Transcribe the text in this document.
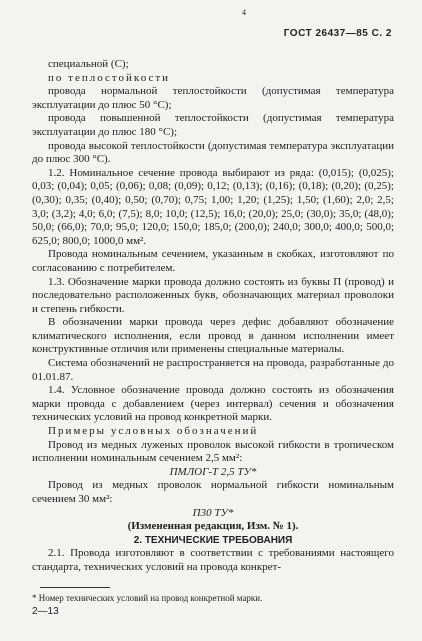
4
ГОСТ 26437—85 С. 2

специальной (С);

по теплостойкости

провода нормальной теплостойкости (допустимая температура эксплуатации до плюс 50 °C);

провода повышенной теплостойкости (допустимая температура эксплуатации до плюс 180 °C);

провода высокой теплостойкости (допустимая температура эксплуатации до плюс 300 °C).

1.2. Номинальное сечение провода выбирают из ряда: (0,015); (0,025); 0,03; (0,04); 0,05; (0,06); 0,08; (0,09); 0,12; (0,13); (0,16); (0,18); (0,20); (0,25); (0,30); 0,35; (0,40); 0,50; (0,70); 0,75; 1,00; 1,20; (1,25); 1,50; (1,60); 2,0; 2,5; 3,0; (3,2); 4,0; 6,0; (7,5); 8,0; 10,0; (12,5); 16,0; (20,0); 25,0; (30,0); 35,0; (48,0); 50,0; (66,0); 70,0; 95,0; 120,0; 150,0; 185,0; (200,0); 240,0; 300,0; 400,0; 500,0; 625,0; 800,0; 1000,0 мм².

Провода номинальным сечением, указанным в скобках, изготовляют по согласованию с потребителем.

1.3. Обозначение марки провода должно состоять из буквы П (провод) и последовательно расположенных букв, обозначающих материал проволоки и степень гибкости.

В обозначении марки провода через дефис добавляют обозначение климатического исполнения, если провод в данном исполнении имеет конструктивные отличия или применены специальные материалы.

Система обозначений не распространяется на провода, разработанные до 01.01.87.

1.4. Условное обозначение провода должно состоять из обозначения марки провода с добавлением (через интервал) сечения и обозначения технических условий на провод конкретной марки.

Примеры условных обозначений

Провод из медных луженых проволок высокой гибкости в тропическом исполнении номинальным сечением 2,5 мм²:

ПМЛОГ-Т 2,5 ТУ*

Провод из медных проволок нормальной гибкости номинальным сечением 30 мм²:

П30 ТУ*

(Измененная редакция, Изм. № 1).

2. ТЕХНИЧЕСКИЕ ТРЕБОВАНИЯ

2.1. Провода изготовляют в соответствии с требованиями настоящего стандарта, технических условий на провода конкрет-

* Номер технических условий на провод конкретной марки.

2—13
